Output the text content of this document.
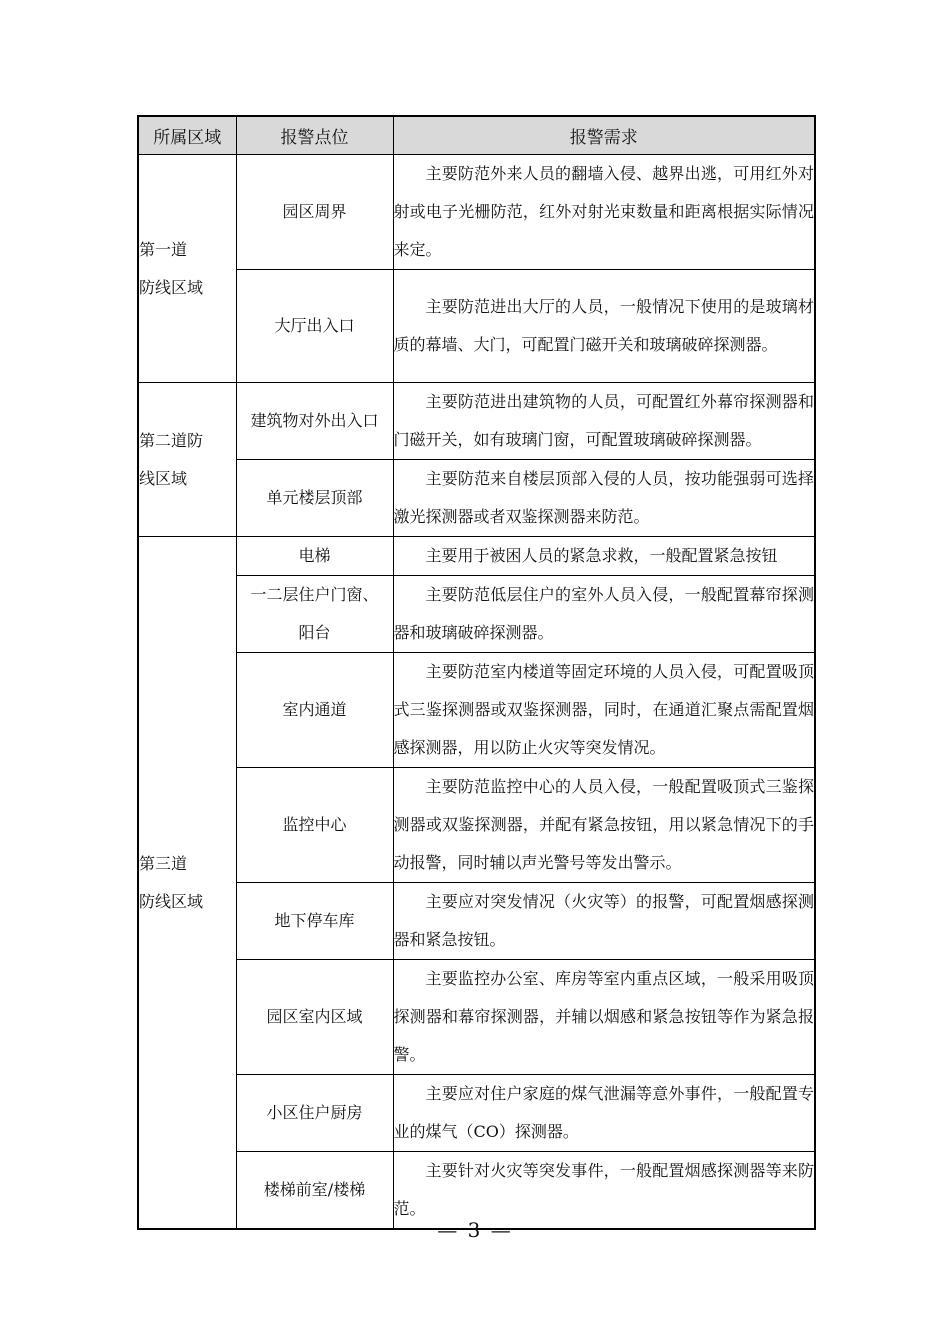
所属区域	报警点位	报警需求
第一道
防线区域	园区周界	主要防范外来人员的翻墙入侵、越界出逃，可用红外对射或电子光栅防范，红外对射光束数量和距离根据实际情况来定。

	大厅出入口	主要防范进出大厅的人员，一般情况下使用的是玻璃材质的幕墙、大门，可配置门磁开关和玻璃破碎探测器。

第二道防
线区域	建筑物对外出入口	主要防范进出建筑物的人员，可配置红外幕帘探测器和门磁开关，如有玻璃门窗，可配置玻璃破碎探测器。

	单元楼层顶部	主要防范来自楼层顶部入侵的人员，按功能强弱可选择激光探测器或者双鉴探测器来防范。

第三道
防线区域	电梯	主要用于被困人员的紧急求救，一般配置紧急按钮

	一二层住户门窗、
阳台	主要防范低层住户的室外人员入侵，一般配置幕帘探测器和玻璃破碎探测器。

	室内通道	主要防范室内楼道等固定环境的人员入侵，可配置吸顶式三鉴探测器或双鉴探测器，同时，在通道汇聚点需配置烟感探测器，用以防止火灾等突发情况。

	监控中心	主要防范监控中心的人员入侵，一般配置吸顶式三鉴探测器或双鉴探测器，并配有紧急按钮，用以紧急情况下的手动报警，同时辅以声光警号等发出警示。

	地下停车库	主要应对突发情况（火灾等）的报警，可配置烟感探测器和紧急按钮。

	园区室内区域	主要监控办公室、库房等室内重点区域，一般采用吸顶探测器和幕帘探测器，并辅以烟感和紧急按钮等作为紧急报警。

	小区住户厨房	主要应对住户家庭的煤气泄漏等意外事件，一般配置专业的煤气（CO）探测器。

	楼梯前室/楼梯	主要针对火灾等突发事件，一般配置烟感探测器等来防范。
— 3 —
